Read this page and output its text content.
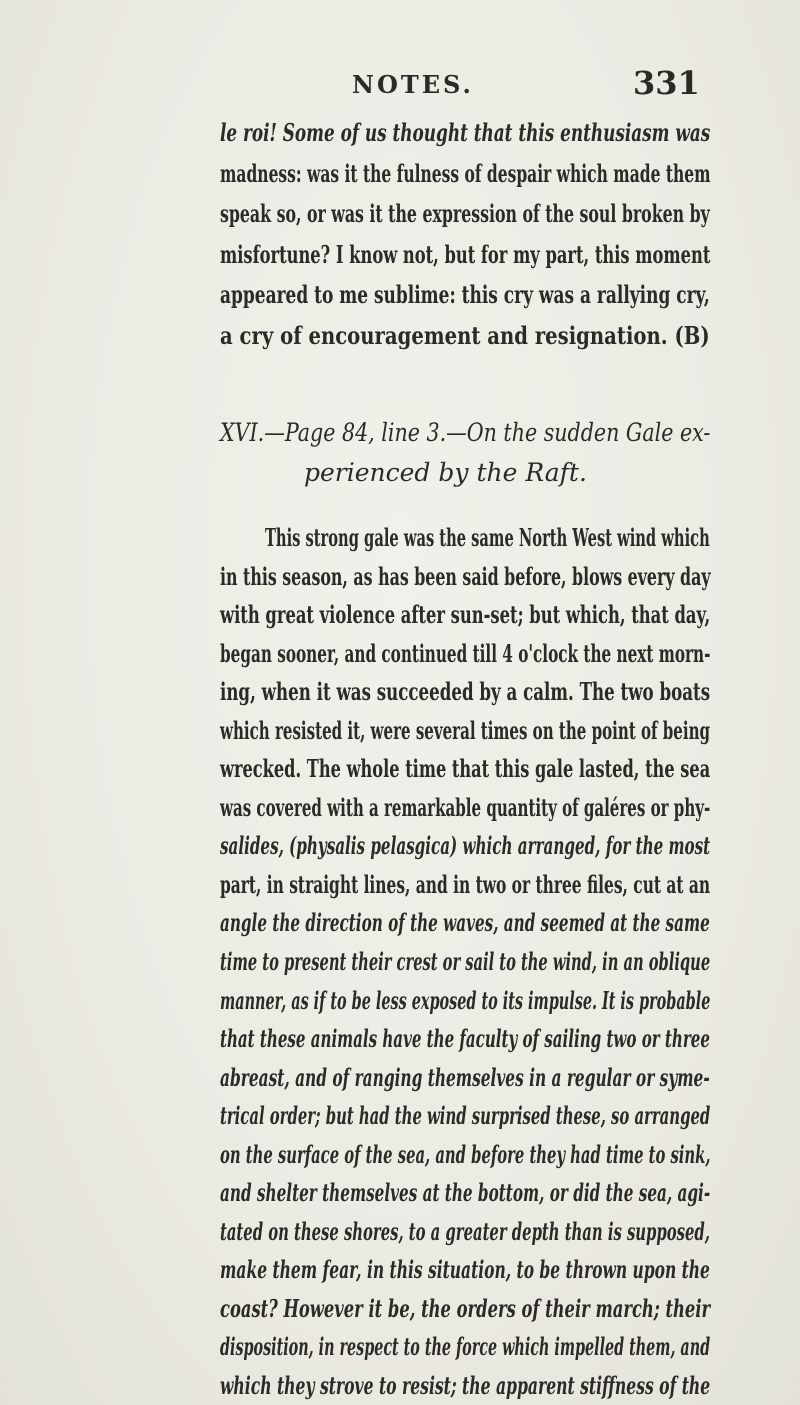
NOTES.	331
le roi! Some of us thought that this enthusiasm was
madness: was it the fulness of despair which made them
speak so, or was it the expression of the soul broken by
misfortune? I know not, but for my part, this moment
appeared to me sublime: this cry was a rallying cry,
a cry of encouragement and resignation. (B)
XVI.—Page 84, line 3.—On the sudden Gale ex-
perienced by the Raft.
This strong gale was the same North West wind which
in this season, as has been said before, blows every day
with great violence after sun-set; but which, that day,
began sooner, and continued till 4 o'clock the next morn-
ing, when it was succeeded by a calm. The two boats
which resisted it, were several times on the point of being
wrecked. The whole time that this gale lasted, the sea
was covered with a remarkable quantity of galéres or phy-
salides, (physalis pelasgica) which arranged, for the most
part, in straight lines, and in two or three files, cut at an
angle the direction of the waves, and seemed at the same
time to present their crest or sail to the wind, in an oblique
manner, as if to be less exposed to its impulse. It is probable
that these animals have the faculty of sailing two or three
abreast, and of ranging themselves in a regular or syme-
trical order; but had the wind surprised these, so arranged
on the surface of the sea, and before they had time to sink,
and shelter themselves at the bottom, or did the sea, agi-
tated on these shores, to a greater depth than is supposed,
make them fear, in this situation, to be thrown upon the
coast? However it be, the orders of their march; their
disposition, in respect to the force which impelled them, and
which they strove to resist; the apparent stiffness of the
